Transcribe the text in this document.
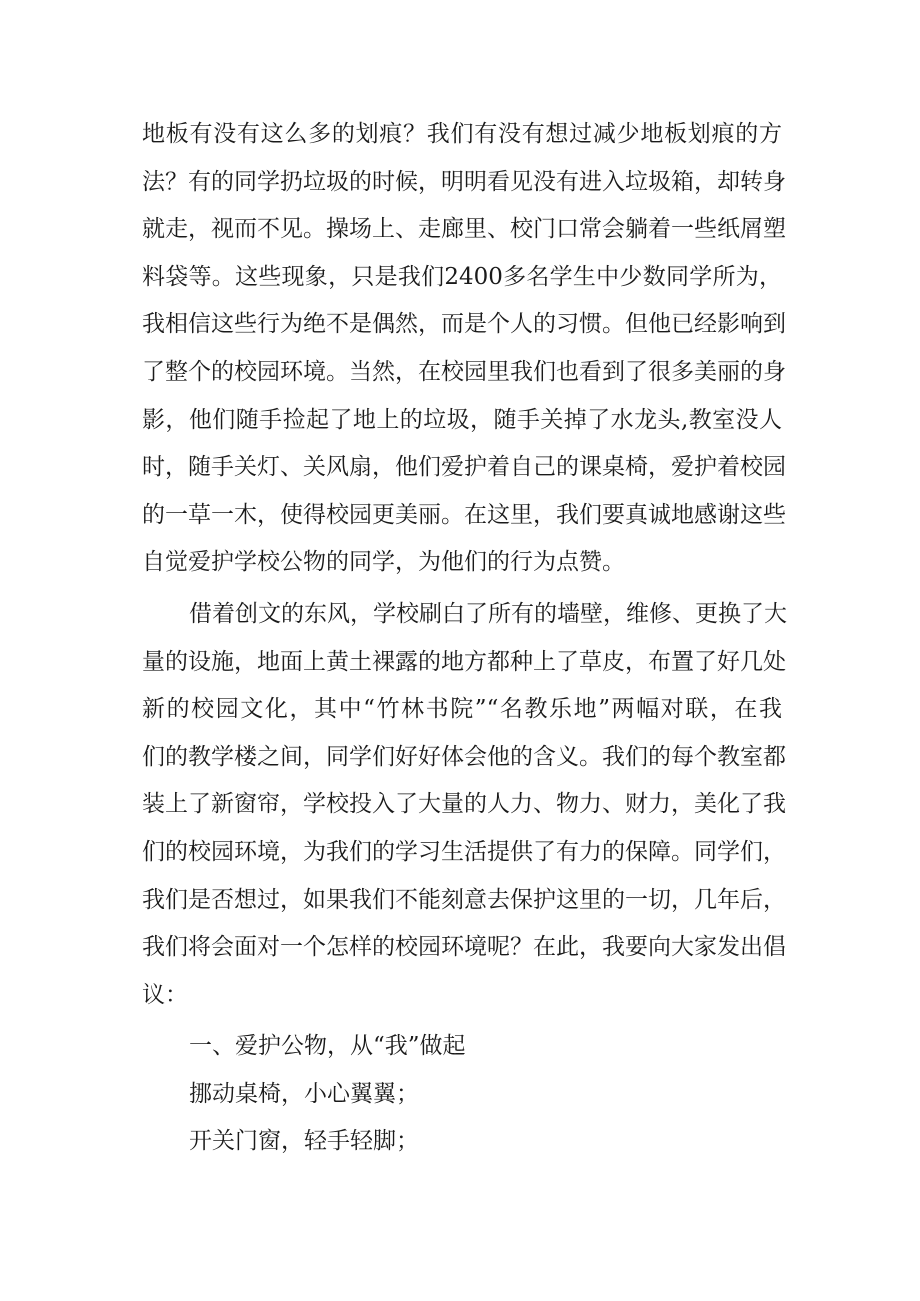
地板有没有这么多的划痕？我们有没有想过减少地板划痕的方
法？有的同学扔垃圾的时候，明明看见没有进入垃圾箱，却转身
就走，视而不见。操场上、走廊里、校门口常会躺着一些纸屑塑
料袋等。这些现象，只是我们2400多名学生中少数同学所为，
我相信这些行为绝不是偶然，而是个人的习惯。但他已经影响到
了整个的校园环境。当然，在校园里我们也看到了很多美丽的身
影，他们随手捡起了地上的垃圾，随手关掉了水龙头,教室没人
时，随手关灯、关风扇，他们爱护着自己的课桌椅，爱护着校园
的一草一木，使得校园更美丽。在这里，我们要真诚地感谢这些
自觉爱护学校公物的同学，为他们的行为点赞。
借着创文的东风，学校刷白了所有的墙壁，维修、更换了大
量的设施，地面上黄土裸露的地方都种上了草皮，布置了好几处
新的校园文化，其中“竹林书院”“名教乐地”两幅对联，在我
们的教学楼之间，同学们好好体会他的含义。我们的每个教室都
装上了新窗帘，学校投入了大量的人力、物力、财力，美化了我
们的校园环境，为我们的学习生活提供了有力的保障。同学们，
我们是否想过，如果我们不能刻意去保护这里的一切，几年后，
我们将会面对一个怎样的校园环境呢？在此，我要向大家发出倡
议：
一、爱护公物，从“我”做起
挪动桌椅，小心翼翼；
开关门窗，轻手轻脚；
